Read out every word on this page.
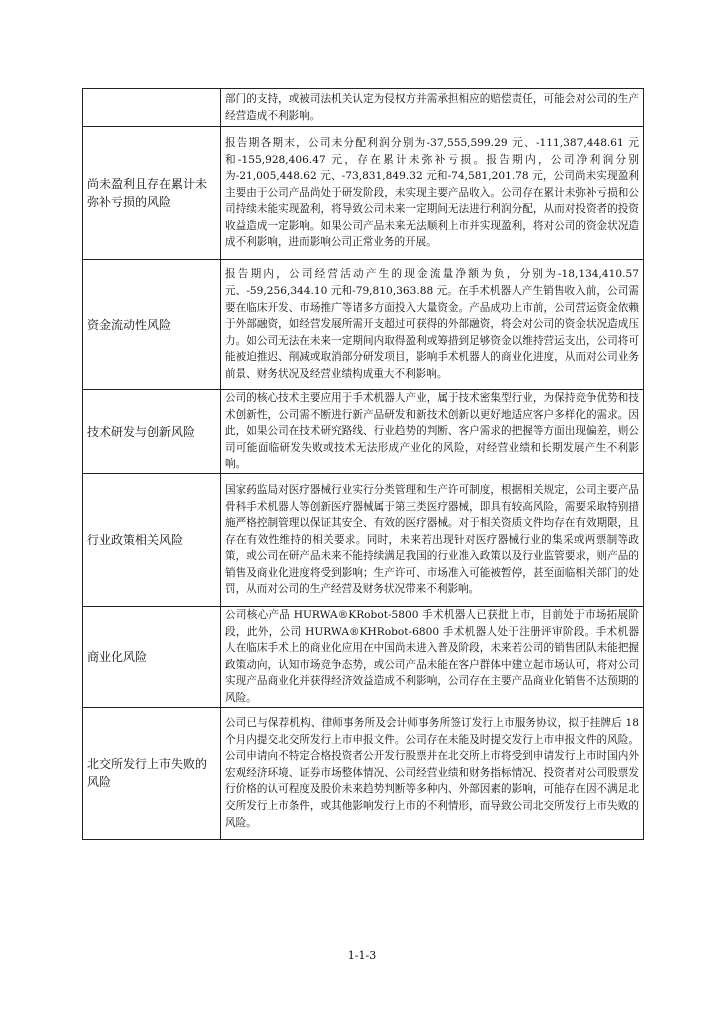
	部门的支持，或被司法机关认定为侵权方并需承担相应的赔偿责任，可能会对公司的生产经营造成不利影响。
尚未盈利且存在累计未弥补亏损的风险	报告期各期末，公司未分配利润分别为-37,555,599.29 元、-111,387,448.61 元和-155,928,406.47 元，存在累计未弥补亏损。报告期内，公司净利润分别为-21,005,448.62 元、-73,831,849.32 元和-74,581,201.78 元，公司尚未实现盈利主要由于公司产品尚处于研发阶段，未实现主要产品收入。公司存在累计未弥补亏损和公司持续未能实现盈利，将导致公司未来一定期间无法进行利润分配，从而对投资者的投资收益造成一定影响。如果公司产品未来无法顺利上市并实现盈利，将对公司的资金状况造成不利影响，进而影响公司正常业务的开展。
资金流动性风险	报告期内，公司经营活动产生的现金流量净额为负，分别为-18,134,410.57 元、-59,256,344.10 元和-79,810,363.88 元。在手术机器人产生销售收入前，公司需要在临床开发、市场推广等诸多方面投入大量资金。产品成功上市前，公司营运资金依赖于外部融资，如经营发展所需开支超过可获得的外部融资，将会对公司的资金状况造成压力。如公司无法在未来一定期间内取得盈利或筹措到足够资金以维持营运支出，公司将可能被迫推迟、削减或取消部分研发项目，影响手术机器人的商业化进度，从而对公司业务前景、财务状况及经营业绩构成重大不利影响。
技术研发与创新风险	公司的核心技术主要应用于手术机器人产业，属于技术密集型行业，为保持竞争优势和技术创新性，公司需不断进行新产品研发和新技术创新以更好地适应客户多样化的需求。因此，如果公司在技术研究路线、行业趋势的判断、客户需求的把握等方面出现偏差，则公司可能面临研发失败或技术无法形成产业化的风险，对经营业绩和长期发展产生不利影响。
行业政策相关风险	国家药监局对医疗器械行业实行分类管理和生产许可制度，根据相关规定，公司主要产品骨科手术机器人等创新医疗器械属于第三类医疗器械，即具有较高风险，需要采取特别措施严格控制管理以保证其安全、有效的医疗器械。对于相关资质文件均存在有效期限，且存在有效性维持的相关要求。同时，未来若出现针对医疗器械行业的集采或两票制等政策，或公司在研产品未来不能持续满足我国的行业准入政策以及行业监管要求，则产品的销售及商业化进度将受到影响；生产许可、市场准入可能被暂停，甚至面临相关部门的处罚，从而对公司的生产经营及财务状况带来不利影响。
商业化风险	公司核心产品 HURWA®KRobot-5800 手术机器人已获批上市，目前处于市场拓展阶段，此外，公司 HURWA®KHRobot-6800 手术机器人处于注册评审阶段。手术机器人在临床手术上的商业化应用在中国尚未进入普及阶段，未来若公司的销售团队未能把握政策动向，认知市场竞争态势，或公司产品未能在客户群体中建立起市场认可，将对公司实现产品商业化并获得经济效益造成不利影响，公司存在主要产品商业化销售不达预期的风险。
北交所发行上市失败的风险	公司已与保荐机构、律师事务所及会计师事务所签订发行上市服务协议，拟于挂牌后 18 个月内提交北交所发行上市申报文件。公司存在未能及时提交发行上市申报文件的风险。公司申请向不特定合格投资者公开发行股票并在北交所上市将受到申请发行上市时国内外宏观经济环境、证券市场整体情况、公司经营业绩和财务指标情况、投资者对公司股票发行价格的认可程度及股价未来趋势判断等多种内、外部因素的影响，可能存在因不满足北交所发行上市条件，或其他影响发行上市的不利情形，而导致公司北交所发行上市失败的风险。
1-1-3
